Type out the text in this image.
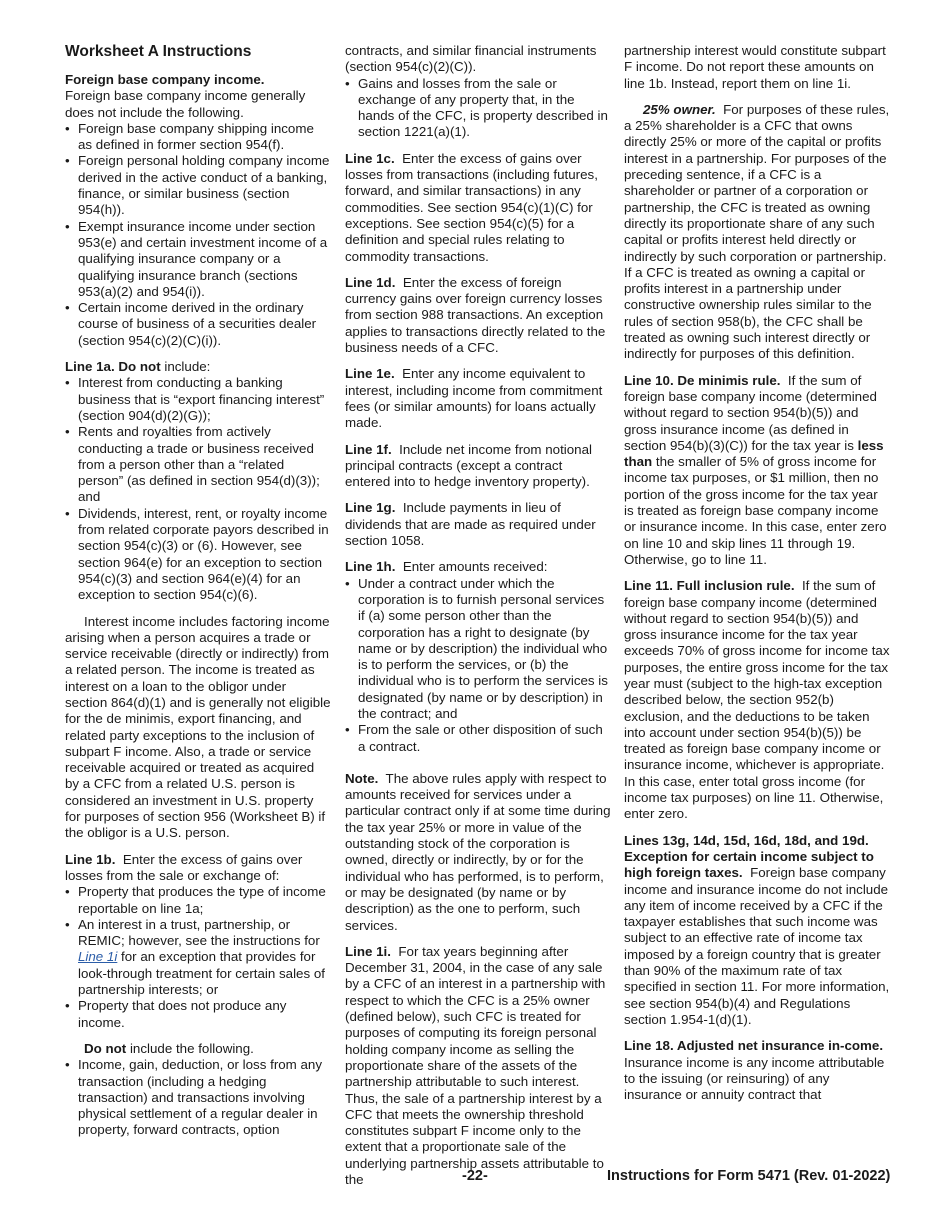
Worksheet A Instructions

Foreign base company income.

Foreign base company income generally does not include the following.

• Foreign base company shipping income as defined in former section 954(f).
• Foreign personal holding company income derived in the active conduct of a banking, finance, or similar business (section 954(h)).
• Exempt insurance income under section 953(e) and certain investment income of a qualifying insurance company or a qualifying insurance branch (sections 953(a)(2) and 954(i)).
• Certain income derived in the ordinary course of business of a securities dealer (section 954(c)(2)(C)(i)).

Line 1a. Do not include:

• Interest from conducting a banking business that is “export financing interest” (section 904(d)(2)(G));
• Rents and royalties from actively conducting a trade or business received from a person other than a “related person” (as defined in section 954(d)(3)); and
• Dividends, interest, rent, or royalty income from related corporate payors described in section 954(c)(3) or (6). However, see section 964(e) for an exception to section 954(c)(3) and section 964(e)(4) for an exception to section 954(c)(6).

Interest income includes factoring income arising when a person acquires a trade or service receivable (directly or indirectly) from a related person. The income is treated as interest on a loan to the obligor under section 864(d)(1) and is generally not eligible for the de minimis, export financing, and related party exceptions to the inclusion of subpart F income. Also, a trade or service receivable acquired or treated as acquired by a CFC from a related U.S. person is considered an investment in U.S. property for purposes of section 956 (Worksheet B) if the obligor is a U.S. person.

Line 1b. Enter the excess of gains over losses from the sale or exchange of:

• Property that produces the type of income reportable on line 1a;
• An interest in a trust, partnership, or REMIC; however, see the instructions for Line 1i for an exception that provides for look-through treatment for certain sales of partnership interests; or
• Property that does not produce any income.

Do not include the following.

• Income, gain, deduction, or loss from any transaction (including a hedging transaction) and transactions involving physical settlement of a regular dealer in property, forward contracts, option

contracts, and similar financial instruments (section 954(c)(2)(C)).

• Gains and losses from the sale or exchange of any property that, in the hands of the CFC, is property described in section 1221(a)(1).

Line 1c. Enter the excess of gains over losses from transactions (including futures, forward, and similar transactions) in any commodities. See section 954(c)(1)(C) for exceptions. See section 954(c)(5) for a definition and special rules relating to commodity transactions.

Line 1d. Enter the excess of foreign currency gains over foreign currency losses from section 988 transactions. An exception applies to transactions directly related to the business needs of a CFC.

Line 1e. Enter any income equivalent to interest, including income from commitment fees (or similar amounts) for loans actually made.

Line 1f. Include net income from notional principal contracts (except a contract entered into to hedge inventory property).

Line 1g. Include payments in lieu of dividends that are made as required under section 1058.

Line 1h. Enter amounts received:

• Under a contract under which the corporation is to furnish personal services if (a) some person other than the corporation has a right to designate (by name or by description) the individual who is to perform the services, or (b) the individual who is to perform the services is designated (by name or by description) in the contract; and
• From the sale or other disposition of such a contract.

Note. The above rules apply with respect to amounts received for services under a particular contract only if at some time during the tax year 25% or more in value of the outstanding stock of the corporation is owned, directly or indirectly, by or for the individual who has performed, is to perform, or may be designated (by name or by description) as the one to perform, such services.

Line 1i. For tax years beginning after December 31, 2004, in the case of any sale by a CFC of an interest in a partnership with respect to which the CFC is a 25% owner (defined below), such CFC is treated for purposes of computing its foreign personal holding company income as selling the proportionate share of the assets of the partnership attributable to such interest. Thus, the sale of a partnership interest by a CFC that meets the ownership threshold constitutes subpart F income only to the extent that a proportionate sale of the underlying partnership assets attributable to the

partnership interest would constitute subpart F income. Do not report these amounts on line 1b. Instead, report them on line 1i.

25% owner. For purposes of these rules, a 25% shareholder is a CFC that owns directly 25% or more of the capital or profits interest in a partnership. For purposes of the preceding sentence, if a CFC is a shareholder or partner of a corporation or partnership, the CFC is treated as owning directly its proportionate share of any such capital or profits interest held directly or indirectly by such corporation or partnership. If a CFC is treated as owning a capital or profits interest in a partnership under constructive ownership rules similar to the rules of section 958(b), the CFC shall be treated as owning such interest directly or indirectly for purposes of this definition.

Line 10. De minimis rule. If the sum of foreign base company income (determined without regard to section 954(b)(5)) and gross insurance income (as defined in section 954(b)(3)(C)) for the tax year is less than the smaller of 5% of gross income for income tax purposes, or $1 million, then no portion of the gross income for the tax year is treated as foreign base company income or insurance income. In this case, enter zero on line 10 and skip lines 11 through 19. Otherwise, go to line 11.

Line 11. Full inclusion rule. If the sum of foreign base company income (determined without regard to section 954(b)(5)) and gross insurance income for the tax year exceeds 70% of gross income for income tax purposes, the entire gross income for the tax year must (subject to the high-tax exception described below, the section 952(b) exclusion, and the deductions to be taken into account under section 954(b)(5)) be treated as foreign base company income or insurance income, whichever is appropriate. In this case, enter total gross income (for income tax purposes) on line 11. Otherwise, enter zero.

Lines 13g, 14d, 15d, 16d, 18d, and 19d. Exception for certain income subject to high foreign taxes. Foreign base company income and insurance income do not include any item of income received by a CFC if the taxpayer establishes that such income was subject to an effective rate of income tax imposed by a foreign country that is greater than 90% of the maximum rate of tax specified in section 11. For more information, see section 954(b)(4) and Regulations section 1.954-1(d)(1).

Line 18. Adjusted net insurance in-come.  Insurance income is any income attributable to the issuing (or reinsuring) of any insurance or annuity contract that

-22-	Instructions for Form 5471 (Rev. 01-2022)
